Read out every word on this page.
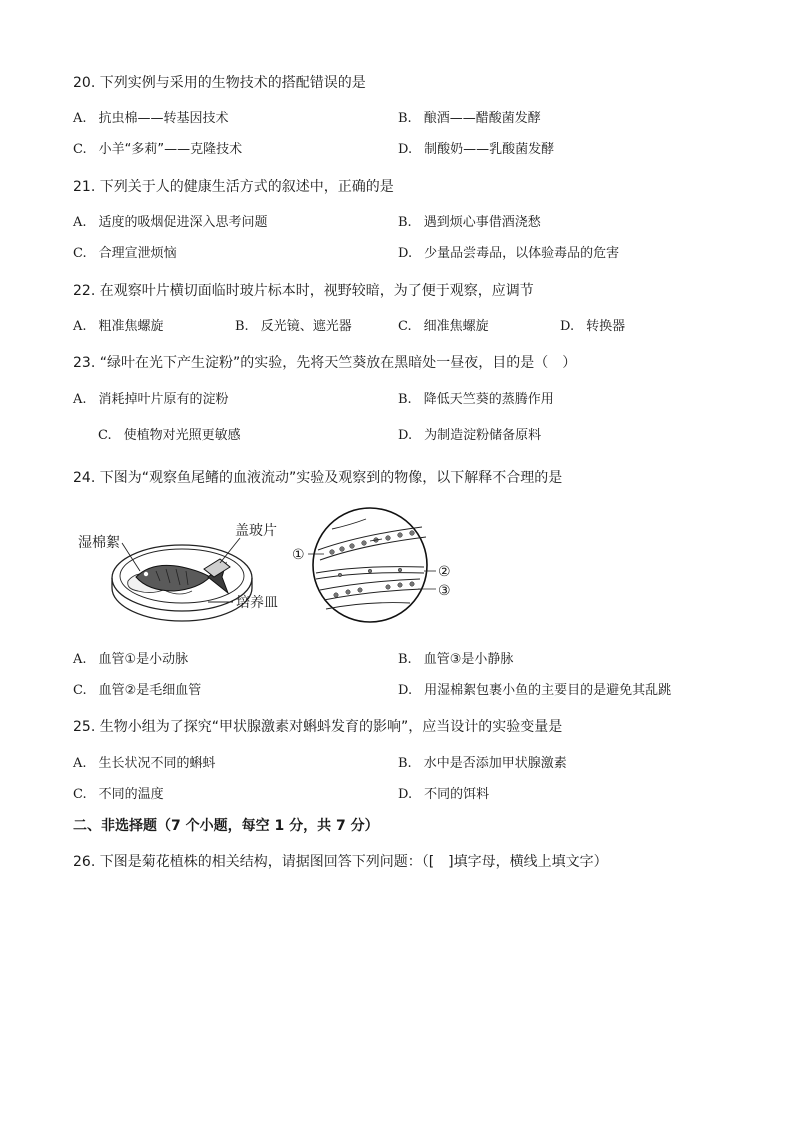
20. 下列实例与采用的生物技术的搭配错误的是
A. 抗虫棉——转基因技术	B. 酿酒——醋酸菌发酵
C. 小羊“多莉”——克隆技术	D. 制酸奶——乳酸菌发酵
21. 下列关于人的健康生活方式的叙述中，正确的是
A. 适度的吸烟促进深入思考问题	B. 遇到烦心事借酒浇愁
C. 合理宣泄烦恼	D. 少量品尝毒品，以体验毒品的危害
22. 在观察叶片横切面临时玻片标本时，视野较暗，为了便于观察，应调节
A. 粗准焦螺旋	B. 反光镜、遮光器	C. 细准焦螺旋	D. 转换器
23. “绿叶在光下产生淀粉”的实验，先将天竺葵放在黑暗处一昼夜，目的是（　）
A. 消耗掉叶片原有的淀粉	B. 降低天竺葵的蒸腾作用
C. 使植物对光照更敏感	D. 为制造淀粉储备原料
24. 下图为“观察鱼尾鳍的血液流动”实验及观察到的物像，以下解释不合理的是
湿棉絮
盖玻片
培养皿
①
②
③
A. 血管①是小动脉	B. 血管③是小静脉
C. 血管②是毛细血管	D. 用湿棉絮包裹小鱼的主要目的是避免其乱跳
25. 生物小组为了探究“甲状腺激素对蝌蚪发育的影响”，应当设计的实验变量是
A. 生长状况不同的蝌蚪	B. 水中是否添加甲状腺激素
C. 不同的温度	D. 不同的饵料
二、非选择题（7 个小题，每空 1 分，共 7 分）
26. 下图是菊花植株的相关结构，请据图回答下列问题：（[　]填字母，横线上填文字）
